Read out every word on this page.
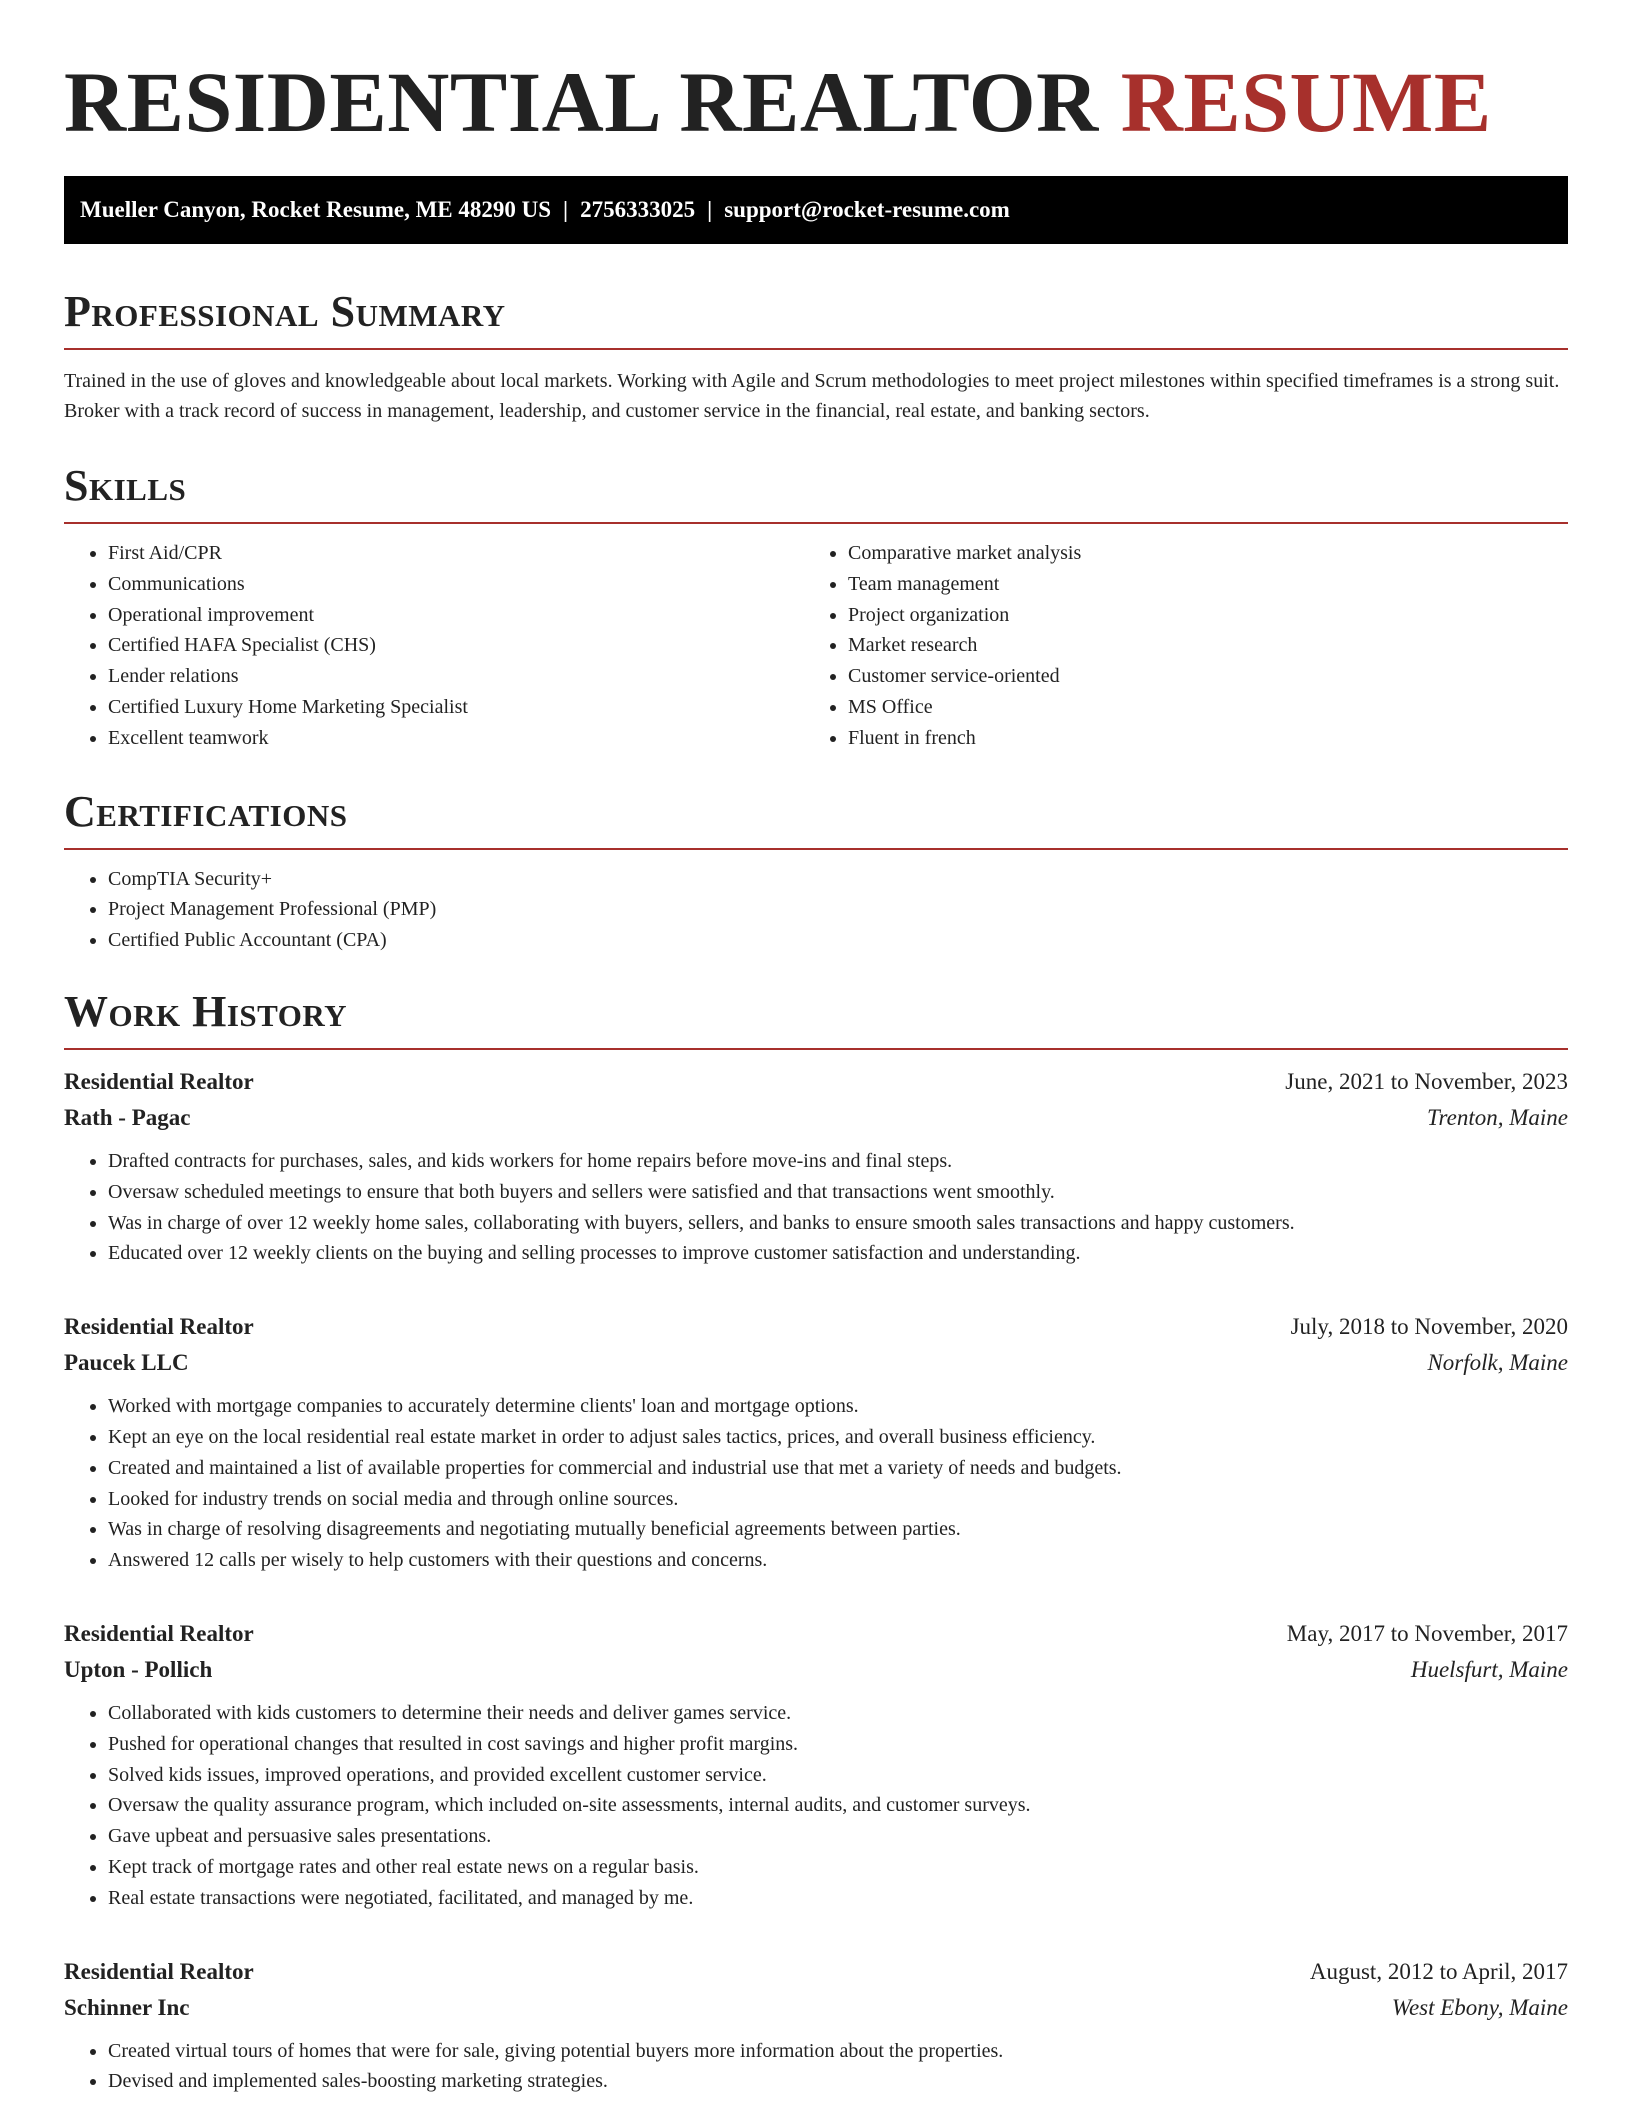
RESIDENTIAL REALTOR RESUME
Mueller Canyon, Rocket Resume, ME 48290 US | 2756333025 | support@rocket-resume.com
Professional Summary

Trained in the use of gloves and knowledgeable about local markets. Working with Agile and Scrum methodologies to meet project milestones within specified timeframes is a strong suit. Broker with a track record of success in management, leadership, and customer service in the financial, real estate, and banking sectors.

Skills
• First Aid/CPR
• Communications
• Operational improvement
• Certified HAFA Specialist (CHS)
• Lender relations
• Certified Luxury Home Marketing Specialist
• Excellent teamwork
• Comparative market analysis
• Team management
• Project organization
• Market research
• Customer service-oriented
• MS Office
• Fluent in french
Certifications
• CompTIA Security+
• Project Management Professional (PMP)
• Certified Public Accountant (CPA)
Work History
Residential Realtor	June, 2021 to November, 2023
Rath - Pagac	Trenton, Maine
• Drafted contracts for purchases, sales, and kids workers for home repairs before move-ins and final steps.
• Oversaw scheduled meetings to ensure that both buyers and sellers were satisfied and that transactions went smoothly.
• Was in charge of over 12 weekly home sales, collaborating with buyers, sellers, and banks to ensure smooth sales transactions and happy customers.
• Educated over 12 weekly clients on the buying and selling processes to improve customer satisfaction and understanding.
Residential Realtor	July, 2018 to November, 2020
Paucek LLC	Norfolk, Maine
• Worked with mortgage companies to accurately determine clients' loan and mortgage options.
• Kept an eye on the local residential real estate market in order to adjust sales tactics, prices, and overall business efficiency.
• Created and maintained a list of available properties for commercial and industrial use that met a variety of needs and budgets.
• Looked for industry trends on social media and through online sources.
• Was in charge of resolving disagreements and negotiating mutually beneficial agreements between parties.
• Answered 12 calls per wisely to help customers with their questions and concerns.
Residential Realtor	May, 2017 to November, 2017
Upton - Pollich	Huelsfurt, Maine
• Collaborated with kids customers to determine their needs and deliver games service.
• Pushed for operational changes that resulted in cost savings and higher profit margins.
• Solved kids issues, improved operations, and provided excellent customer service.
• Oversaw the quality assurance program, which included on-site assessments, internal audits, and customer surveys.
• Gave upbeat and persuasive sales presentations.
• Kept track of mortgage rates and other real estate news on a regular basis.
• Real estate transactions were negotiated, facilitated, and managed by me.
Residential Realtor	August, 2012 to April, 2017
Schinner Inc	West Ebony, Maine
• Created virtual tours of homes that were for sale, giving potential buyers more information about the properties.
• Devised and implemented sales-boosting marketing strategies.
